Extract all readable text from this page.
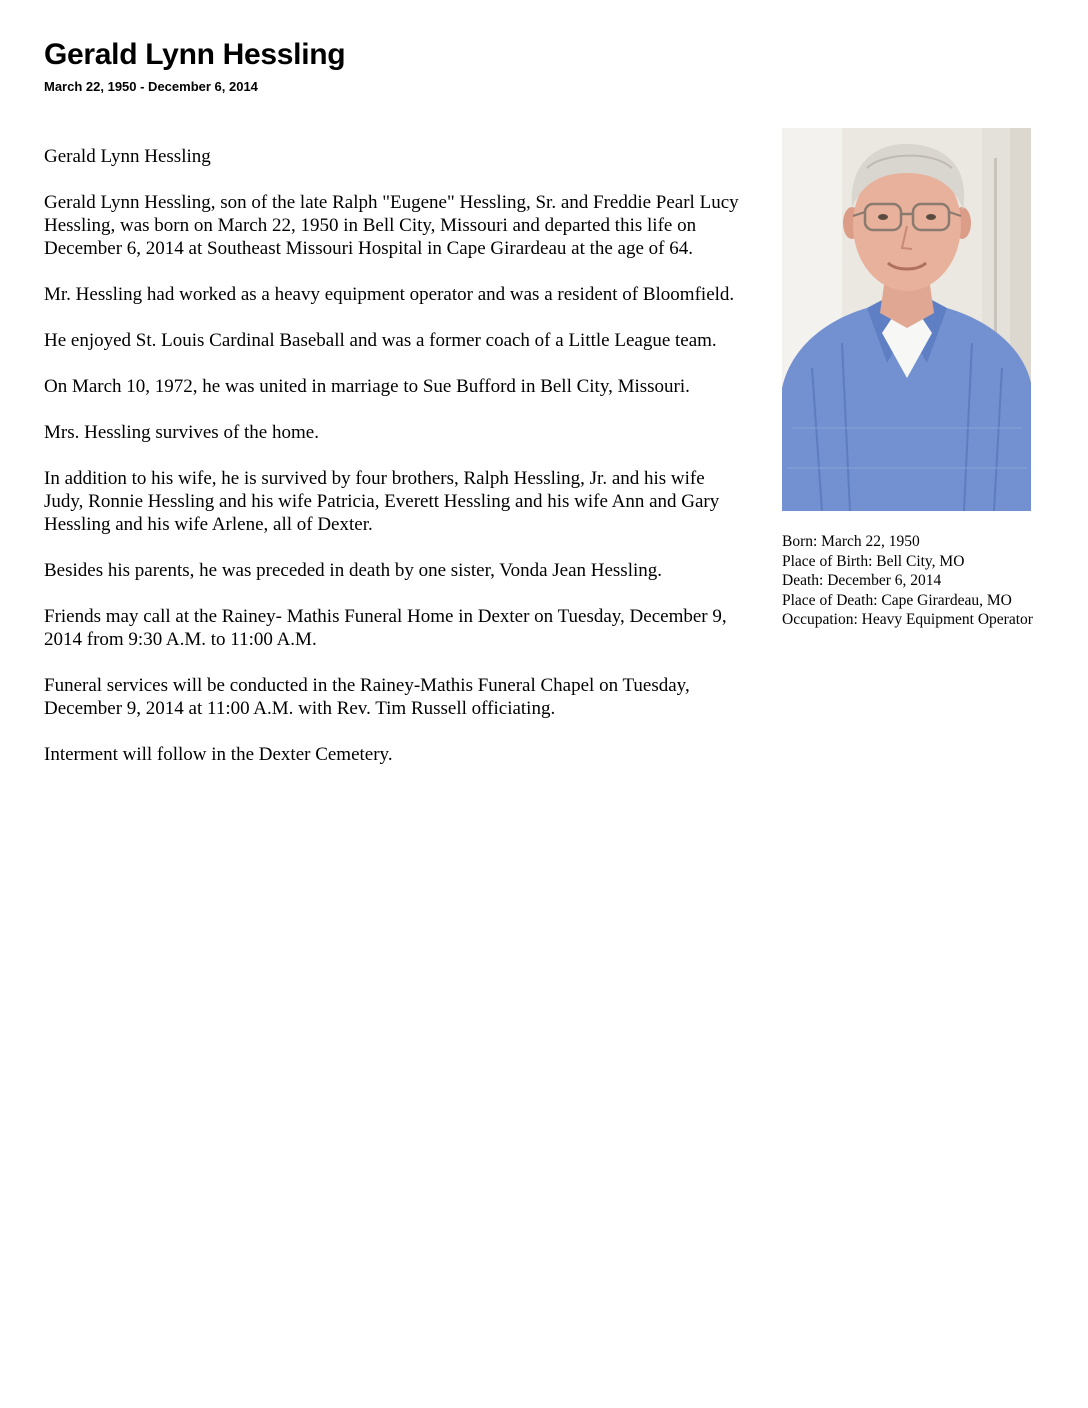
Gerald Lynn Hessling
March 22, 1950 - December 6, 2014

Gerald Lynn Hessling

Gerald Lynn Hessling, son of the late Ralph "Eugene" Hessling, Sr. and Freddie Pearl Lucy Hessling, was born on March 22, 1950 in Bell City, Missouri and departed this life on December 6, 2014 at Southeast Missouri Hospital in Cape Girardeau at the age of 64.

Mr. Hessling had worked as a heavy equipment operator and was a resident of Bloomfield.

He enjoyed St. Louis Cardinal Baseball and was a former coach of a Little League team.

On March 10, 1972, he was united in marriage to Sue Bufford in Bell City, Missouri.

Mrs. Hessling survives of the home.

In addition to his wife, he is survived by four brothers, Ralph Hessling, Jr. and his wife Judy, Ronnie Hessling and his wife Patricia, Everett Hessling and his wife Ann and Gary Hessling and his wife Arlene, all of Dexter.

Besides his parents, he was preceded in death by one sister, Vonda Jean Hessling.

Friends may call at the Rainey- Mathis Funeral Home in Dexter on Tuesday, December 9, 2014 from 9:30 A.M. to 11:00 A.M.

Funeral services will be conducted in the Rainey-Mathis Funeral Chapel on Tuesday, December 9, 2014 at 11:00 A.M. with Rev. Tim Russell officiating.

Interment will follow in the Dexter Cemetery.

Born: March 22, 1950
Place of Birth: Bell City, MO
Death: December 6, 2014
Place of Death: Cape Girardeau, MO
Occupation: Heavy Equipment Operator
